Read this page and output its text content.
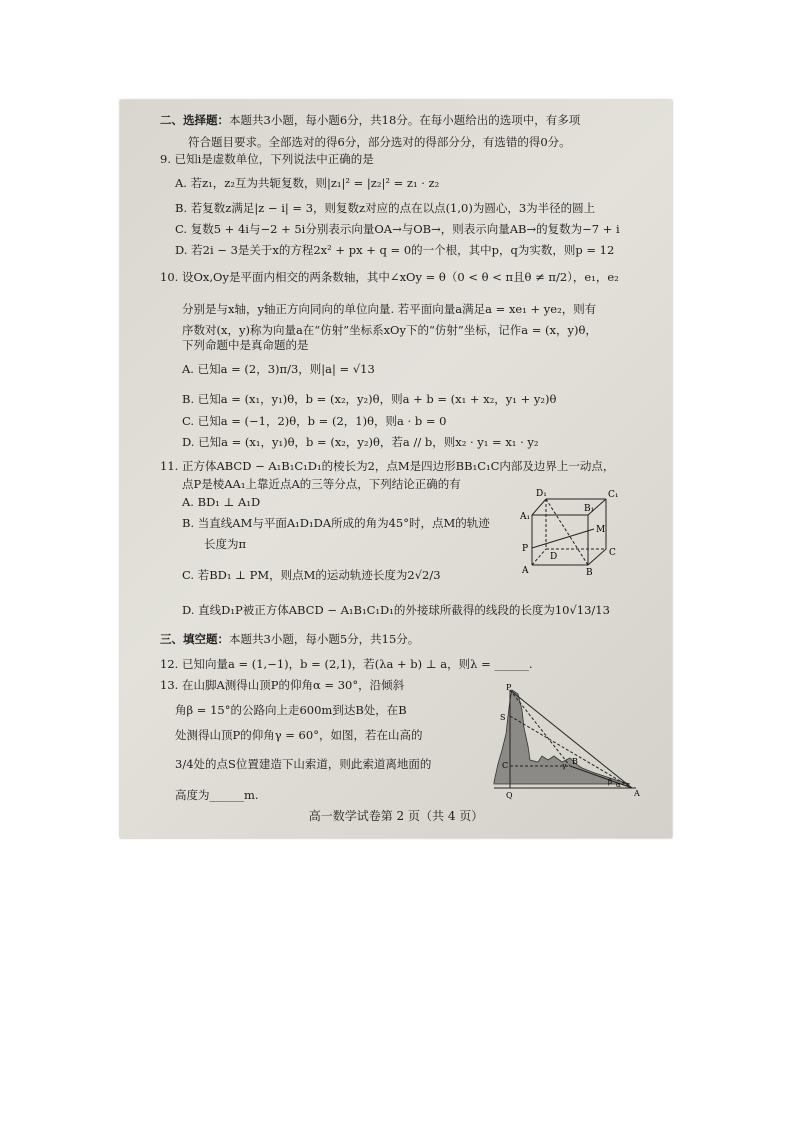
二、选择题：本题共3小题，每小题6分，共18分。在每小题给出的选项中，有多项
符合题目要求。全部选对的得6分，部分选对的得部分分，有选错的得0分。
9. 已知i是虚数单位，下列说法中正确的是
A. 若z₁，z₂互为共轭复数，则|z₁|² = |z₂|² = z₁ · z₂
B. 若复数z满足|z − i| = 3，则复数z对应的点在以点(1,0)为圆心，3为半径的圆上
C. 复数5 + 4i与−2 + 5i分别表示向量OA→与OB→，则表示向量AB→的复数为−7 + i
D. 若2i − 3是关于x的方程2x² + px + q = 0的一个根，其中p，q为实数，则p = 12
10. 设Ox,Oy是平面内相交的两条数轴，其中∠xOy = θ（0 < θ < π且θ ≠ π/2），e₁，e₂
分别是与x轴，y轴正方向同向的单位向量. 若平面向量a满足a = xe₁ + ye₂，则有
序数对(x，y)称为向量a在“仿射”坐标系xOy下的“仿射”坐标，记作a = (x，y)θ，
下列命题中是真命题的是
A. 已知a = (2，3)π/3，则|a| = √13
B. 已知a = (x₁，y₁)θ，b = (x₂，y₂)θ，则a + b = (x₁ + x₂，y₁ + y₂)θ
C. 已知a = (−1，2)θ，b = (2，1)θ，则a · b = 0
D. 已知a = (x₁，y₁)θ，b = (x₂，y₂)θ，若a // b，则x₂ · y₁ = x₁ · y₂
11. 正方体ABCD − A₁B₁C₁D₁的棱长为2，点M是四边形BB₁C₁C内部及边界上一动点，
点P是棱AA₁上靠近点A的三等分点，下列结论正确的有
A. BD₁ ⊥ A₁D
B. 当直线AM与平面A₁D₁DA所成的角为45°时，点M的轨迹
长度为π
C. 若BD₁ ⊥ PM，则点M的运动轨迹长度为2√2/3
D. 直线D₁P被正方体ABCD − A₁B₁C₁D₁的外接球所截得的线段的长度为10√13/13
D₁	C₁
A₁
B₁
P
M
D	C
A	B
三、填空题：本题共3小题，每小题5分，共15分。
12. 已知向量a = (1,−1)，b = (2,1)，若(λa + b) ⊥ a，则λ = ______.
13. 在山脚A测得山顶P的仰角α = 30°，沿倾斜
角β = 15°的公路向上走600m到达B处，在B
处测得山顶P的仰角γ = 60°，如图，若在山高的
3/4处的点S位置建造下山索道，则此索道离地面的
高度为______m.
P
S
C	B
Q	A
α
β
γ
高一数学试卷第 2 页（共 4 页）
